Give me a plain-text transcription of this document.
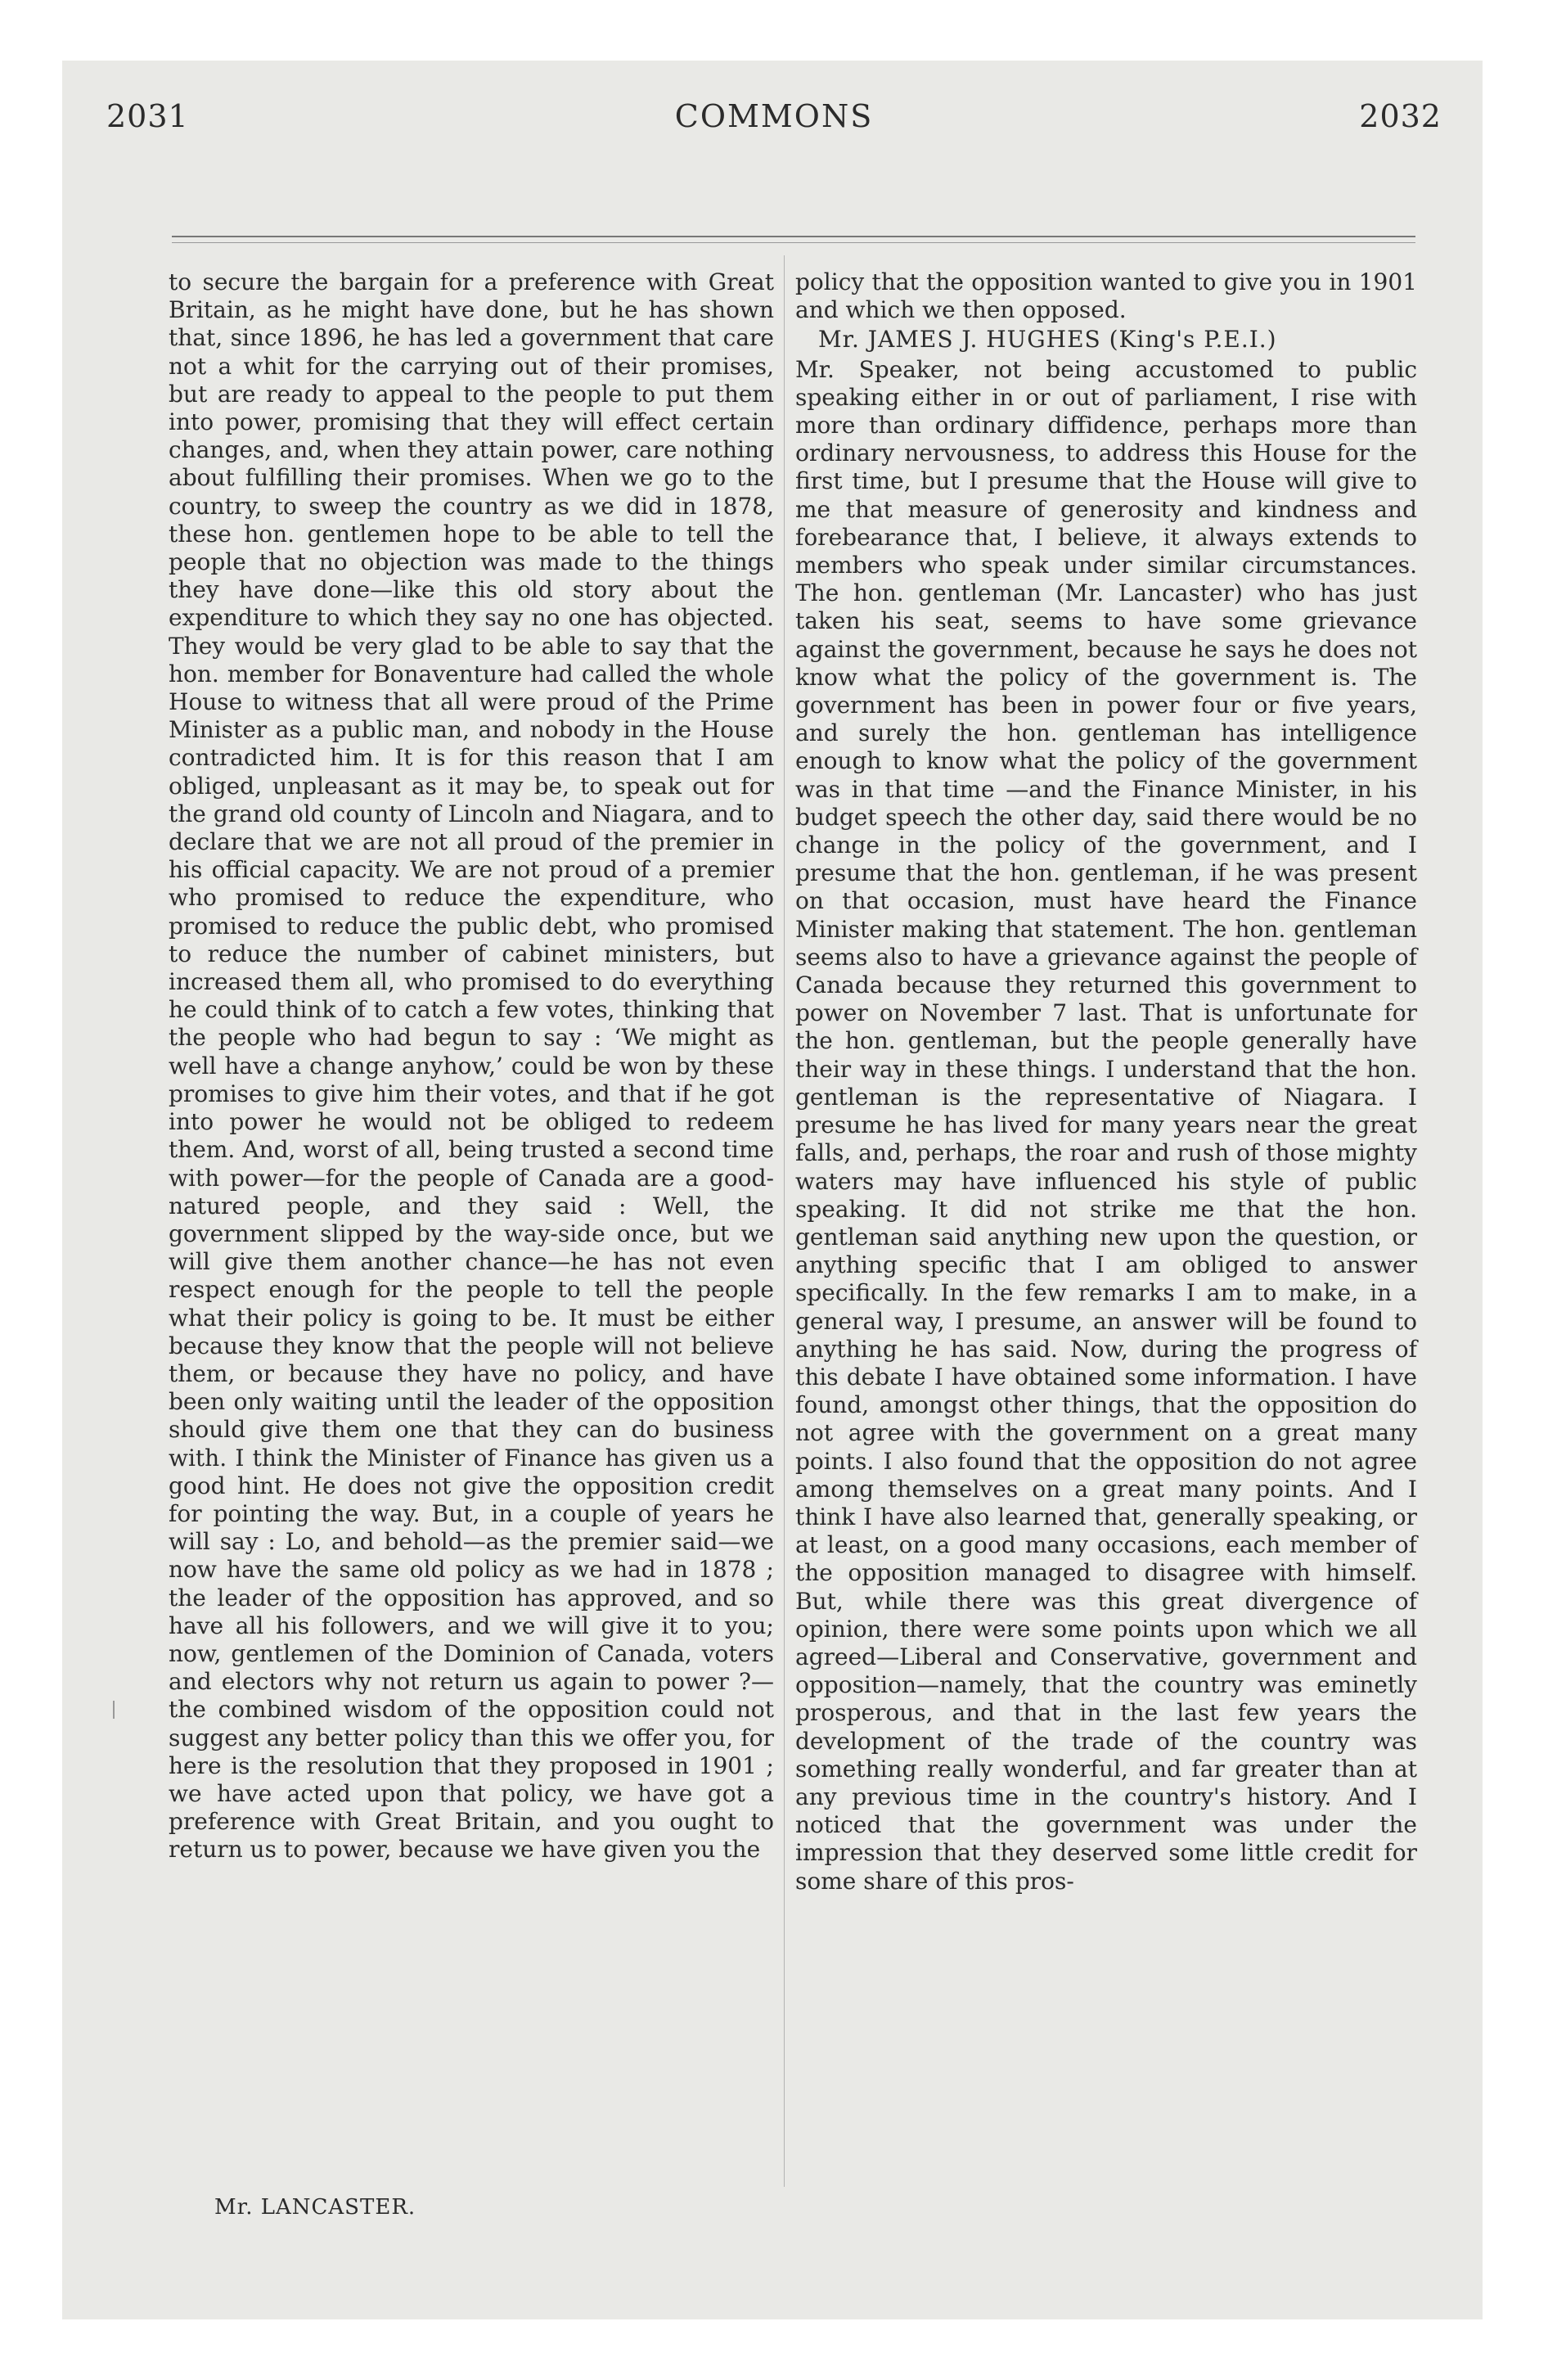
2031	COMMONS	2032

to secure the bargain for a preference with Great Britain, as he might have done, but he has shown that, since 1896, he has led a government that care not a whit for the carrying out of their promises, but are ready to appeal to the people to put them into power, promising that they will effect certain changes, and, when they attain power, care nothing about fulfilling their promises. When we go to the country, to sweep the country as we did in 1878, these hon. gentlemen hope to be able to tell the people that no objection was made to the things they have done—like this old story about the expenditure to which they say no one has objected. They would be very glad to be able to say that the hon. member for Bonaventure had called the whole House to witness that all were proud of the Prime Minister as a public man, and nobody in the House contradicted him. It is for this reason that I am obliged, unpleasant as it may be, to speak out for the grand old county of Lincoln and Niagara, and to declare that we are not all proud of the premier in his official capacity. We are not proud of a premier who promised to reduce the expenditure, who promised to reduce the public debt, who promised to reduce the number of cabinet ministers, but increased them all, who promised to do everything he could think of to catch a few votes, thinking that the people who had begun to say : ‘We might as well have a change anyhow,’ could be won by these promises to give him their votes, and that if he got into power he would not be obliged to redeem them. And, worst of all, being trusted a second time with power—for the people of Canada are a good-natured people, and they said : Well, the government slipped by the way-side once, but we will give them another chance—he has not even respect enough for the people to tell the people what their policy is going to be. It must be either because they know that the people will not believe them, or because they have no policy, and have been only waiting until the leader of the opposition should give them one that they can do business with. I think the Minister of Finance has given us a good hint. He does not give the opposition credit for pointing the way. But, in a couple of years he will say : Lo, and behold—as the premier said—we now have the same old policy as we had in 1878 ; the leader of the opposition has approved, and so have all his followers, and we will give it to you; now, gentlemen of the Dominion of Canada, voters and electors why not return us again to power ?—the combined wisdom of the opposition could not suggest any better policy than this we offer you, for here is the resolution that they proposed in 1901 ; we have acted upon that policy, we have got a preference with Great Britain, and you ought to return us to power, because we have given you the

policy that the opposition wanted to give you in 1901 and which we then opposed.

Mr. JAMES J. HUGHES (King's P.E.I.)

Mr. Speaker, not being accustomed to public speaking either in or out of parliament, I rise with more than ordinary diffidence, perhaps more than ordinary nervousness, to address this House for the first time, but I presume that the House will give to me that measure of generosity and kindness and forebearance that, I believe, it always extends to members who speak under similar circumstances. The hon. gentleman (Mr. Lancaster) who has just taken his seat, seems to have some grievance against the government, because he says he does not know what the policy of the government is. The government has been in power four or five years, and surely the hon. gentleman has intelligence enough to know what the policy of the government was in that time —and the Finance Minister, in his budget speech the other day, said there would be no change in the policy of the government, and I presume that the hon. gentleman, if he was present on that occasion, must have heard the Finance Minister making that statement. The hon. gentleman seems also to have a grievance against the people of Canada because they returned this government to power on November 7 last. That is unfortunate for the hon. gentleman, but the people generally have their way in these things. I understand that the hon. gentleman is the representative of Niagara. I presume he has lived for many years near the great falls, and, perhaps, the roar and rush of those mighty waters may have influenced his style of public speaking. It did not strike me that the hon. gentleman said anything new upon the question, or anything specific that I am obliged to answer specifically. In the few remarks I am to make, in a general way, I presume, an answer will be found to anything he has said. Now, during the progress of this debate I have obtained some information. I have found, amongst other things, that the opposition do not agree with the government on a great many points. I also found that the opposition do not agree among themselves on a great many points. And I think I have also learned that, generally speaking, or at least, on a good many occasions, each member of the opposition managed to disagree with himself. But, while there was this great divergence of opinion, there were some points upon which we all agreed—Liberal and Conservative, government and opposition—namely, that the country was eminetly prosperous, and that in the last few years the development of the trade of the country was something really wonderful, and far greater than at any previous time in the country's history. And I noticed that the government was under the impression that they deserved some little credit for some share of this pros-

Mr. LANCASTER.
